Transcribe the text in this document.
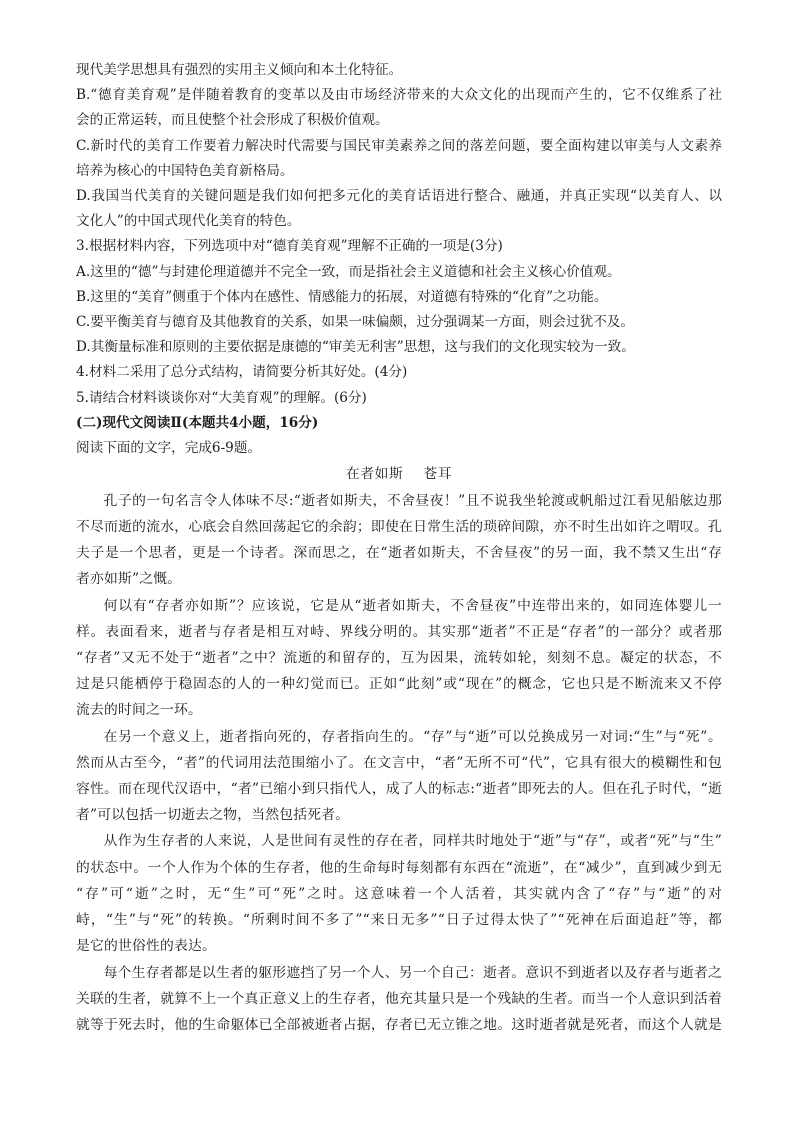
现代美学思想具有强烈的实用主义倾向和本土化特征。
B.“德育美育观”是伴随着教育的变革以及由市场经济带来的大众文化的出现而产生的，它不仅维系了社
会的正常运转，而且使整个社会形成了积极价值观。
C.新时代的美育工作要着力解决时代需要与国民审美素养之间的落差问题，要全面构建以审美与人文素养
培养为核心的中国特色美育新格局。
D.我国当代美育的关键问题是我们如何把多元化的美育话语进行整合、融通，并真正实现“以美育人、以
文化人”的中国式现代化美育的特色。
3.根据材料内容，下列选项中对“德育美育观”理解不正确的一项是(3分)
A.这里的“德”与封建伦理道德并不完全一致，而是指社会主义道德和社会主义核心价值观。
B.这里的“美育”侧重于个体内在感性、情感能力的拓展，对道德有特殊的“化育”之功能。
C.要平衡美育与德育及其他教育的关系，如果一味偏颇，过分强调某一方面，则会过犹不及。
D.其衡量标准和原则的主要依据是康德的“审美无利害”思想，这与我们的文化现实较为一致。
4.材料二采用了总分式结构，请简要分析其好处。(4分)
5.请结合材料谈谈你对“大美育观”的理解。(6分)
(二)现代文阅读Ⅱ(本题共4小题，16分)
阅读下面的文字，完成6-9题。
在者如斯    苍耳
孔子的一句名言令人体味不尽:“逝者如斯夫，不舍昼夜！”且不说我坐轮渡或帆船过江看见船舷边那
不尽而逝的流水，心底会自然回荡起它的余韵；即使在日常生活的琐碎间隙，亦不时生出如许之喟叹。孔
夫子是一个思者，更是一个诗者。深而思之，在“逝者如斯夫，不舍昼夜”的另一面，我不禁又生出“存
者亦如斯”之慨。
何以有“存者亦如斯”？应该说，它是从“逝者如斯夫，不舍昼夜”中连带出来的，如同连体婴儿一
样。表面看来，逝者与存者是相互对峙、界线分明的。其实那“逝者”不正是“存者”的一部分？或者那
“存者”又无不处于“逝者”之中？流逝的和留存的，互为因果，流转如轮，刻刻不息。凝定的状态，不
过是只能栖停于稳固态的人的一种幻觉而已。正如“此刻”或“现在”的概念，它也只是不断流来又不停
流去的时间之一环。
在另一个意义上，逝者指向死的，存者指向生的。“存”与“逝”可以兑换成另一对词:“生”与“死”。
然而从古至今，“者”的代词用法范围缩小了。在文言中，“者”无所不可“代”，它具有很大的模糊性和包
容性。而在现代汉语中，“者”已缩小到只指代人，成了人的标志:“逝者”即死去的人。但在孔子时代，“逝
者”可以包括一切逝去之物，当然包括死者。
从作为生存者的人来说，人是世间有灵性的存在者，同样共时地处于“逝”与“存”，或者“死”与“生”
的状态中。一个人作为个体的生存者，他的生命每时每刻都有东西在“流逝”，在“减少”，直到减少到无
“存”可“逝”之时，无“生”可“死”之时。这意味着一个人活着，其实就内含了“存”与“逝”的对
峙，“生”与“死”的转换。“所剩时间不多了”“来日无多”“日子过得太快了”“死神在后面追赶”等，都
是它的世俗性的表达。
每个生存者都是以生者的躯形遮挡了另一个人、另一个自己：逝者。意识不到逝者以及存者与逝者之
关联的生者，就算不上一个真正意义上的生存者，他充其量只是一个残缺的生者。而当一个人意识到活着
就等于死去时，他的生命躯体已全部被逝者占据，存者已无立锥之地。这时逝者就是死者，而这个人就是
